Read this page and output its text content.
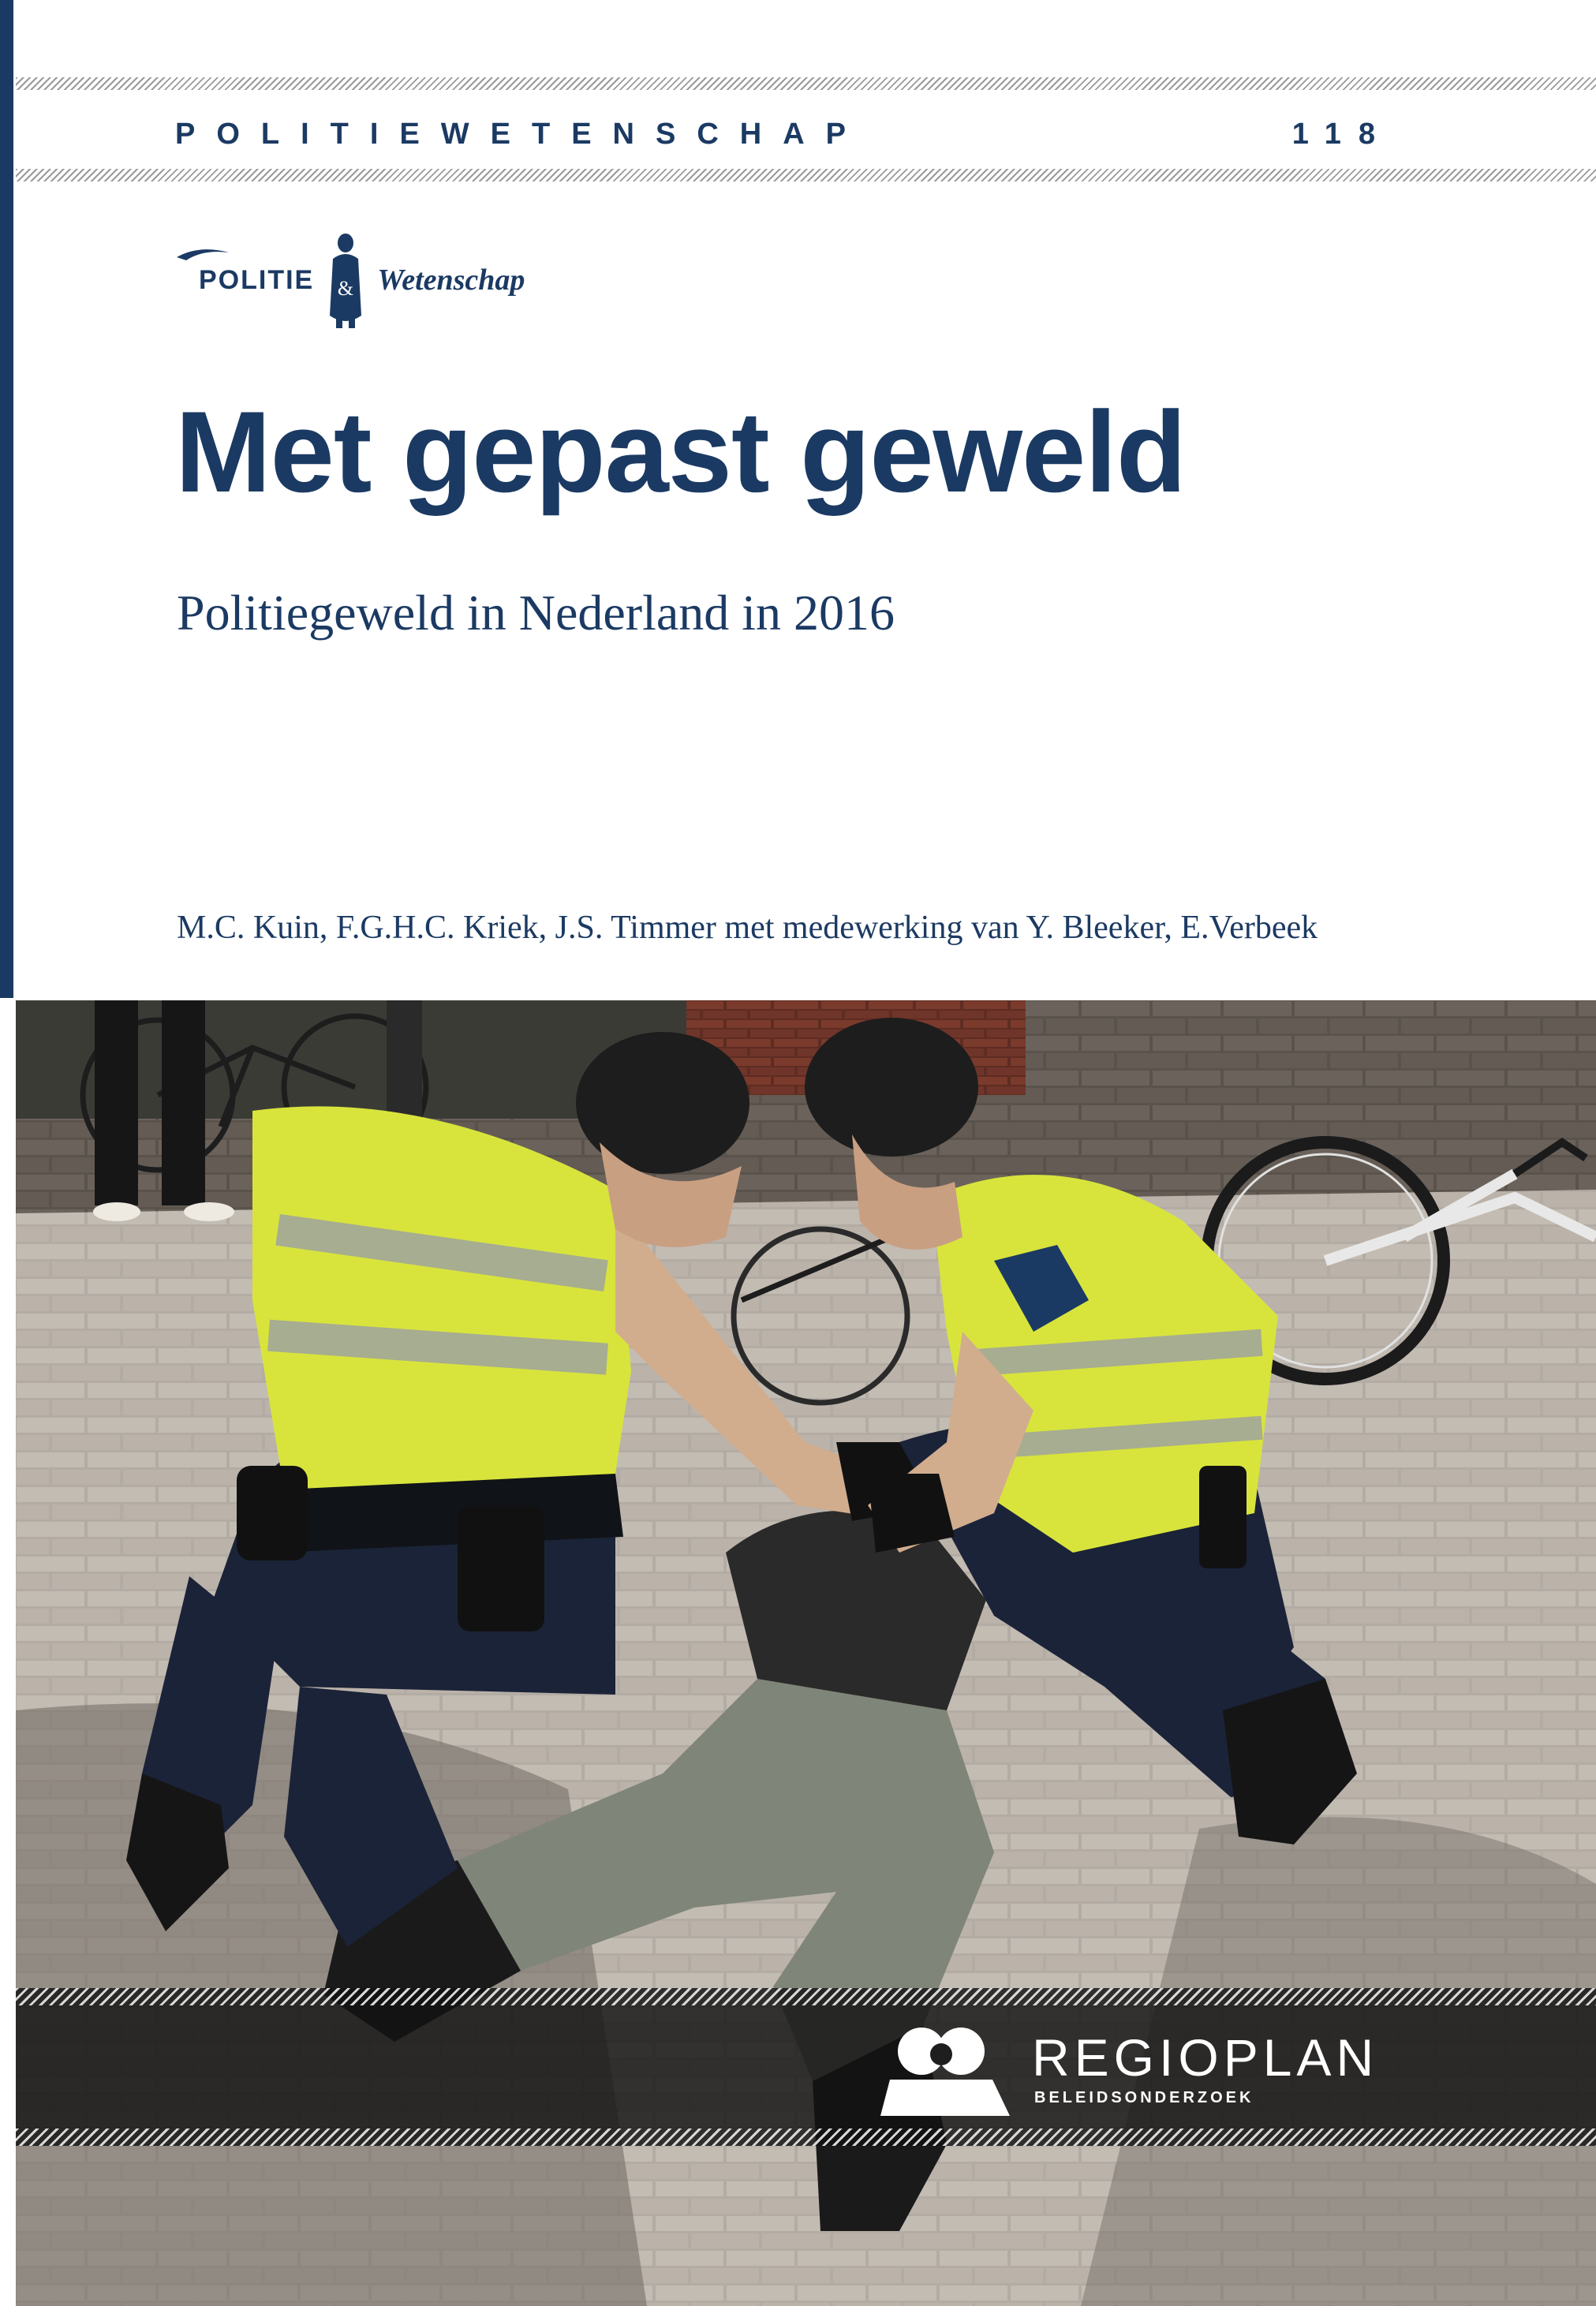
POLITIEWETENSCHAP	118
POLITIE & Wetenschap
Met gepast geweld

Politiegeweld in Nederland in 2016

M.C. Kuin, F.G.H.C. Kriek, J.S. Timmer met medewerking van Y. Bleeker, E.Verbeek

REGIOPLAN

BELEIDSONDERZOEK
